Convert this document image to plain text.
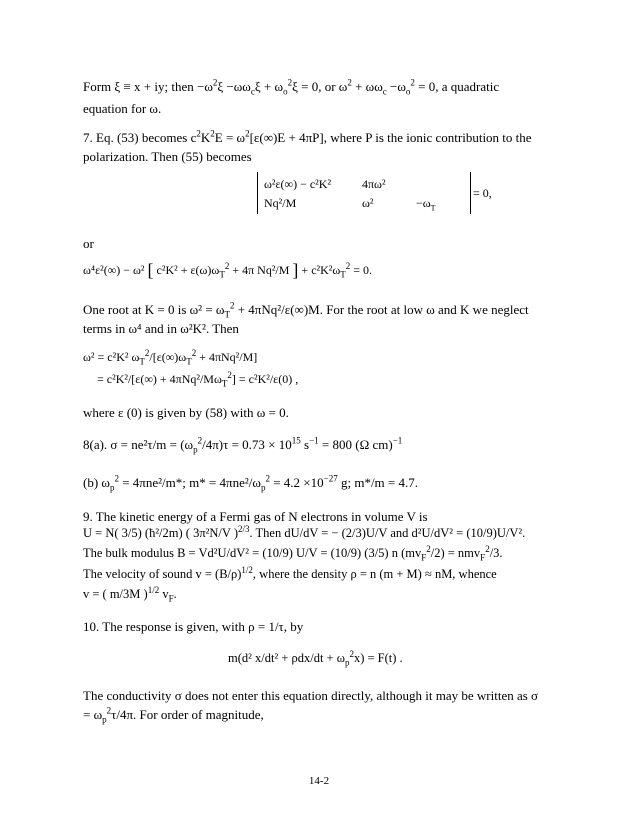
Form ξ ≡ x + iy; then $-\omega^2\xi -\omega\omega_c\xi + \omega_o^2\xi = 0$, or $\omega^2 + \omega\omega_c -\omega_o^2 = 0$, a quadratic
equation for ω.
7. Eq. (53) becomes $c^2K^2E = \omega^2[\varepsilon(\infty)E + 4\pi P]$, where P is the ionic contribution to the
polarization. Then (55) becomes
ω²ε(∞) − c²K²	4πω²
Nq²/M	ω²	$-\omega_T$
= 0,
or
ω⁴ε²(∞) − ω² [ $c^2K^2 + \varepsilon(\omega)\omega_T^2 + 4\pi$ Nq²/M ] + $c^2K^2\omega_T^2 = 0$.
One root at K = 0 is $\omega^2 = \omega_T^2 + 4\pi Nq^2/\varepsilon(\infty)M$. For the root at low ω and K we neglect
terms in ω⁴ and in ω²K². Then
ω² = c²K² $\omega_T^2/[\varepsilon(\infty)\omega_T^2 + 4\pi Nq^2/M]$
= $c^2K^2/[\varepsilon(\infty) + 4\pi Nq^2/M\omega_T^2] = c^2K^2/\varepsilon(0)$ ,
where ε (0) is given by (58) with ω = 0.
8(a). $\sigma = ne^2\tau/m = (\omega_p^2/4\pi)\tau = 0.73 \times 10^{15}$ $s^{-1} = 800$ (Ω cm)$^{-1}$
(b) $\omega_p^2 = 4\pi ne^2/m*$; $m* = 4\pi ne^2/\omega_p^2 = 4.2 \times 10^{-27}$ g; m*/m = 4.7.
9. The kinetic energy of a Fermi gas of N electrons in volume V is
U = N( 3/5) (ħ²/2m) ( 3π²N/V )$^{2/3}$. Then dU/dV = − (2/3)U/V and d²U/dV² = (10/9)U/V².
The bulk modulus B = Vd²U/dV² = (10/9) U/V = (10/9) (3/5) n $(mv_F^2/2) = nmv_F^2/3$.
The velocity of sound $v = (B/\rho)^{1/2}$, where the density ρ = n (m + M) ≈ nM, whence
v = ( m/3M )$^{1/2}$ $v_F$.
10. The response is given, with ρ = 1/τ, by
m(d² $x/dt^2 + \rho dx/dt + \omega_p^2x) = F(t)$ .
The conductivity σ does not enter this equation directly, although it may be written as σ
= $\omega_p^2\tau/4\pi$. For order of magnitude,
14-2
